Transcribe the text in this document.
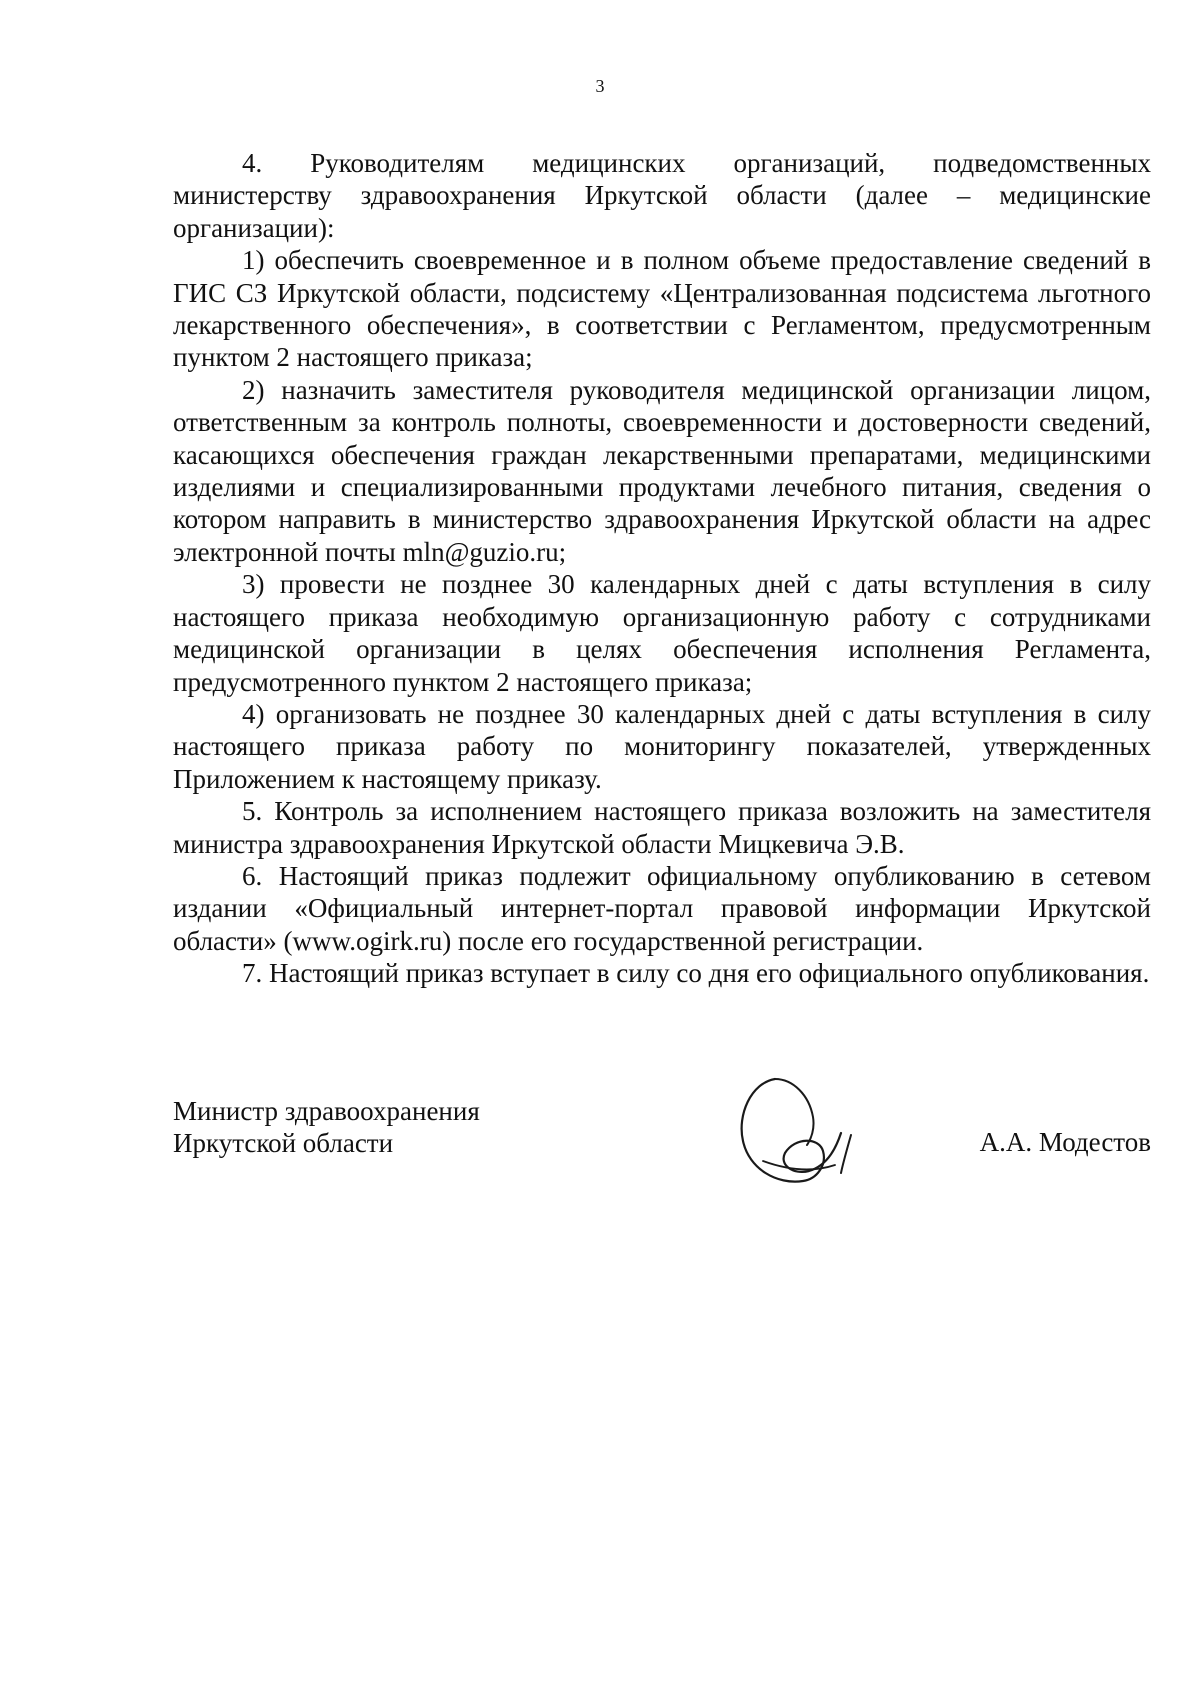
3

4. Руководителям медицинских организаций, подведомственных министерству здравоохранения Иркутской области (далее – медицинские организации):

1) обеспечить своевременное и в полном объеме предоставление сведений в ГИС СЗ Иркутской области, подсистему «Централизованная подсистема льготного лекарственного обеспечения», в соответствии с Регламентом, предусмотренным пунктом 2 настоящего приказа;

2) назначить заместителя руководителя медицинской организации лицом, ответственным за контроль полноты, своевременности и достоверности сведений, касающихся обеспечения граждан лекарственными препаратами, медицинскими изделиями и специализированными продуктами лечебного питания, сведения о котором направить в министерство здравоохранения Иркутской области на адрес электронной почты mln@guzio.ru;

3) провести не позднее 30 календарных дней с даты вступления в силу настоящего приказа необходимую организационную работу с сотрудниками медицинской организации в целях обеспечения исполнения Регламента, предусмотренного пунктом 2 настоящего приказа;

4) организовать не позднее 30 календарных дней с даты вступления в силу настоящего приказа работу по мониторингу показателей, утвержденных Приложением к настоящему приказу.

5. Контроль за исполнением настоящего приказа возложить на заместителя министра здравоохранения Иркутской области Мицкевича Э.В.

6. Настоящий приказ подлежит официальному опубликованию в сетевом издании «Официальный интернет-портал правовой информации Иркутской области» (www.ogirk.ru) после его государственной регистрации.

7. Настоящий приказ вступает в силу со дня его официального опубликования.

Министр здравоохранения
Иркутской области	А.А. Модестов
